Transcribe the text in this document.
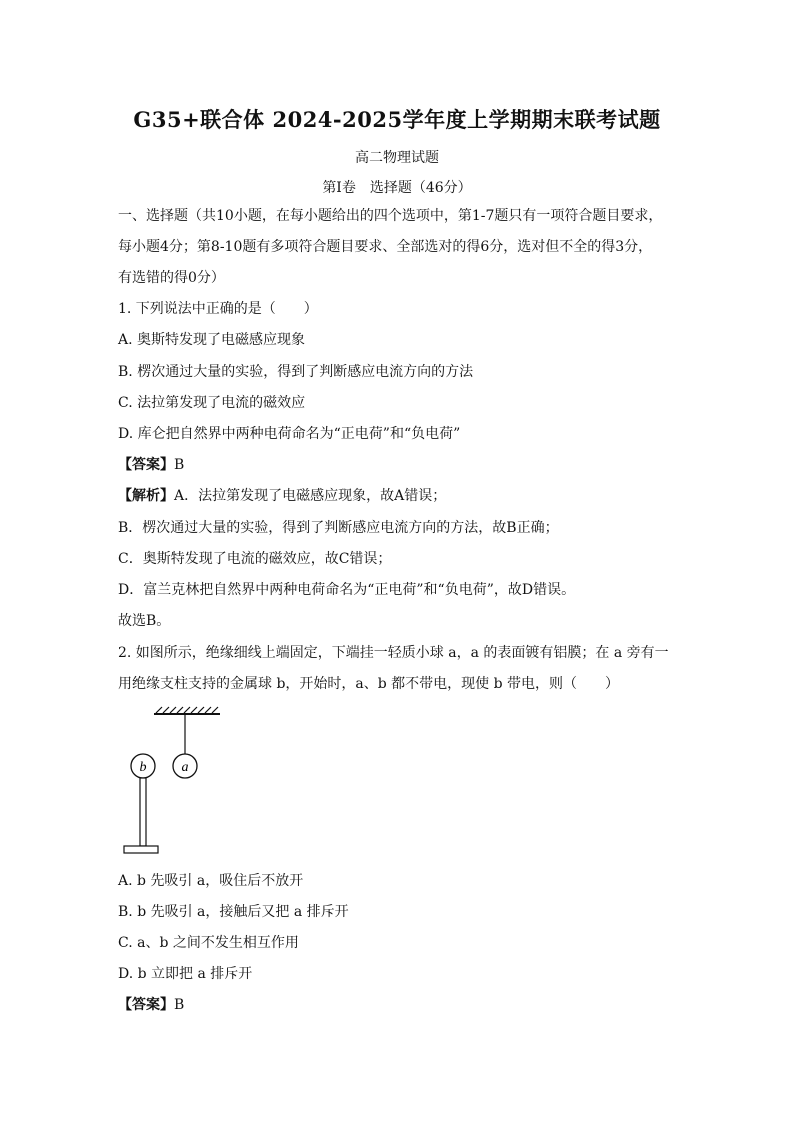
G35+联合体 2024-2025学年度上学期期末联考试题
高二物理试题
第Ⅰ卷　选择题（46分）
一、选择题（共10小题，在每小题给出的四个选项中，第1-7题只有一项符合题目要求，
每小题4分；第8-10题有多项符合题目要求、全部选对的得6分，选对但不全的得3分，
有选错的得0分）
1. 下列说法中正确的是（　　）
A. 奥斯特发现了电磁感应现象
B. 楞次通过大量的实验，得到了判断感应电流方向的方法
C. 法拉第发现了电流的磁效应
D. 库仑把自然界中两种电荷命名为“正电荷”和“负电荷”
【答案】B
【解析】A．法拉第发现了电磁感应现象，故A错误；
B．楞次通过大量的实验，得到了判断感应电流方向的方法，故B正确；
C．奥斯特发现了电流的磁效应，故C错误；
D．富兰克林把自然界中两种电荷命名为“正电荷”和“负电荷”，故D错误。
故选B。
2. 如图所示，绝缘细线上端固定，下端挂一轻质小球 a，a 的表面镀有铝膜；在 a 旁有一
用绝缘支柱支持的金属球 b，开始时，a、b 都不带电，现使 b 带电，则（　　）
a
b
A. b 先吸引 a，吸住后不放开
B. b 先吸引 a，接触后又把 a 排斥开
C. a、b 之间不发生相互作用
D. b 立即把 a 排斥开
【答案】B
